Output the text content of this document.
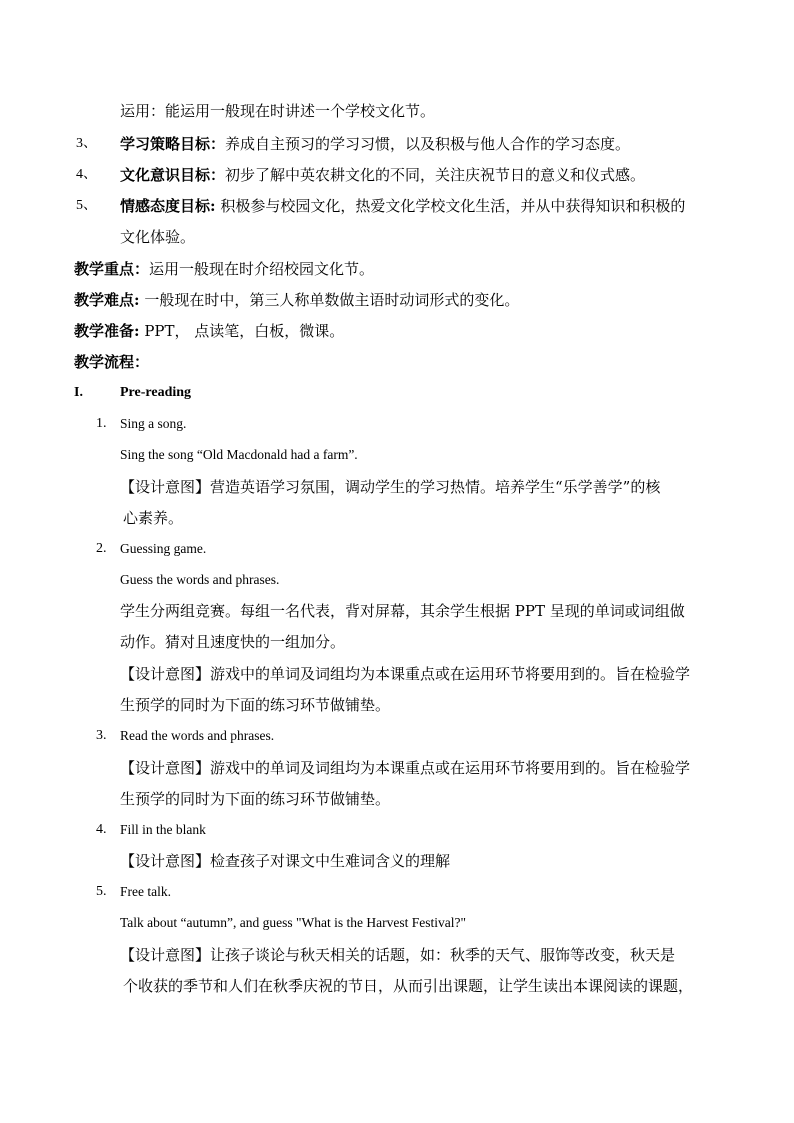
运用：能运用一般现在时讲述一个学校文化节。
3、 学习策略目标：养成自主预习的学习习惯，以及积极与他人合作的学习态度。
4、 文化意识目标：初步了解中英农耕文化的不同，关注庆祝节日的意义和仪式感。
5、 情感态度目标: 积极参与校园文化，热爱文化学校文化生活，并从中获得知识和积极的
文化体验。
教学重点：运用一般现在时介绍校园文化节。
教学难点: 一般现在时中，第三人称单数做主语时动词形式的变化。
教学准备: PPT， 点读笔，白板，微课。
教学流程：
I.	Pre-reading
1. Sing a song.
Sing the song “Old Macdonald had a farm”.
【设计意图】营造英语学习氛围，调动学生的学习热情。培养学生“乐学善学”的核
心素养。
2. Guessing game.
Guess the words and phrases.
学生分两组竞赛。每组一名代表，背对屏幕，其余学生根据 PPT 呈现的单词或词组做
动作。猜对且速度快的一组加分。
【设计意图】游戏中的单词及词组均为本课重点或在运用环节将要用到的。旨在检验学
生预学的同时为下面的练习环节做铺垫。
3. Read the words and phrases.
【设计意图】游戏中的单词及词组均为本课重点或在运用环节将要用到的。旨在检验学
生预学的同时为下面的练习环节做铺垫。
4. Fill in the blank
【设计意图】检查孩子对课文中生难词含义的理解
5. Free talk.
Talk about “autumn”, and guess "What is the Harvest Festival?"
【设计意图】让孩子谈论与秋天相关的话题，如：秋季的天气、服饰等改变，秋天是
个收获的季节和人们在秋季庆祝的节日，从而引出课题，让学生读出本课阅读的课题，
